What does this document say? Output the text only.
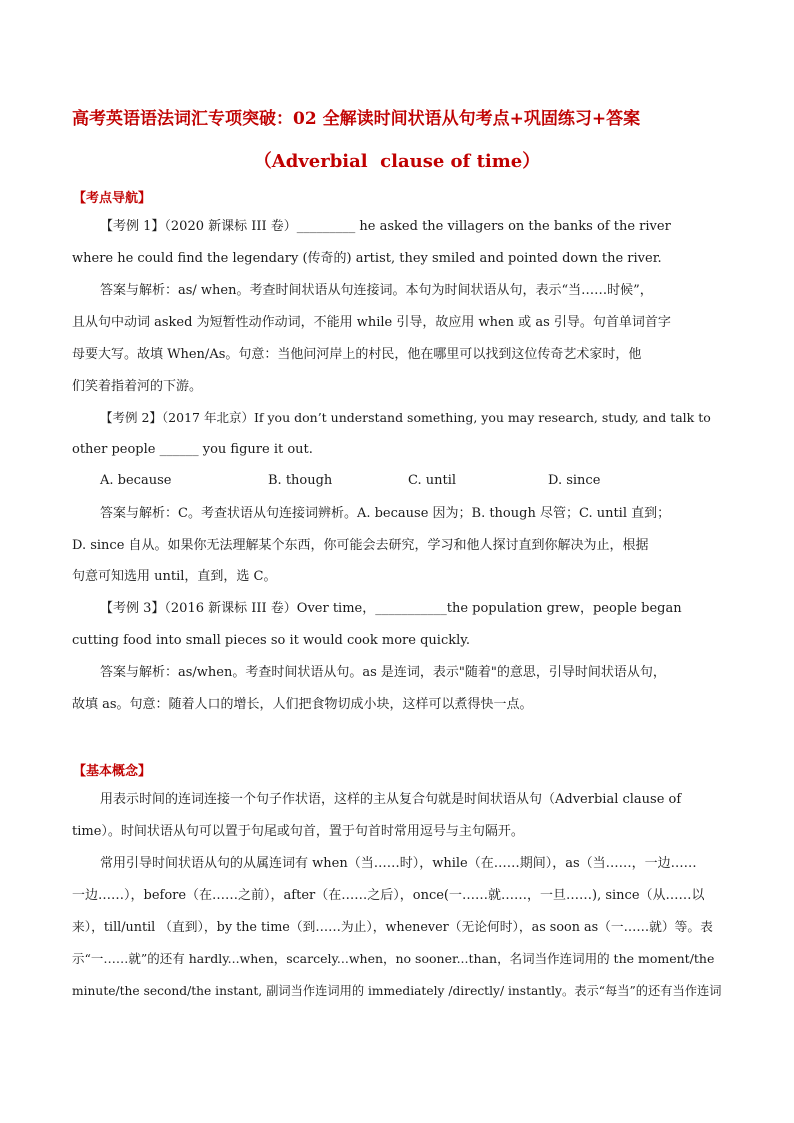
高考英语语法词汇专项突破：02 全解读时间状语从句考点+巩固练习+答案
（Adverbial  clause of time）
【考点导航】
【考例 1】（2020 新课标 III 卷）_________ he asked the villagers on the banks of the river
where he could find the legendary (传奇的) artist, they smiled and pointed down the river.
答案与解析：as/ when。考查时间状语从句连接词。本句为时间状语从句，表示“当……时候”，
且从句中动词 asked 为短暂性动作动词，不能用 while 引导，故应用 when 或 as 引导。句首单词首字
母要大写。故填 When/As。句意：当他问河岸上的村民，他在哪里可以找到这位传奇艺术家时，他
们笑着指着河的下游。
【考例 2】（2017 年北京）If you don’t understand something, you may research, study, and talk to
other people ______ you figure it out.
A. because	B. though	C. until	D. since
答案与解析：C。考查状语从句连接词辨析。A. because 因为；B. though 尽管；C. until 直到；
D. since 自从。如果你无法理解某个东西，你可能会去研究，学习和他人探讨直到你解决为止，根据
句意可知选用 until，直到，选 C。
【考例 3】（2016 新课标 III 卷）Over time，___________the population grew，people began
cutting food into small pieces so it would cook more quickly.
答案与解析：as/when。考查时间状语从句。as 是连词，表示"随着"的意思，引导时间状语从句，
故填 as。句意：随着人口的增长，人们把食物切成小块，这样可以煮得快一点。
【基本概念】
用表示时间的连词连接一个句子作状语，这样的主从复合句就是时间状语从句（Adverbial clause of
time）。时间状语从句可以置于句尾或句首，置于句首时常用逗号与主句隔开。
常用引导时间状语从句的从属连词有 when（当……时），while（在……期间），as（当……，一边……
一边……），before（在……之前），after（在……之后），once(一……就……，一旦……), since（从……以
来），till/until （直到），by the time（到……为止），whenever（无论何时），as soon as（一……就）等。表
示“一……就”的还有 hardly...when，scarcely...when，no sooner...than，名词当作连词用的 the moment/the
minute/the second/the instant, 副词当作连词用的 immediately /directly/ instantly。表示“每当”的还有当作连词
